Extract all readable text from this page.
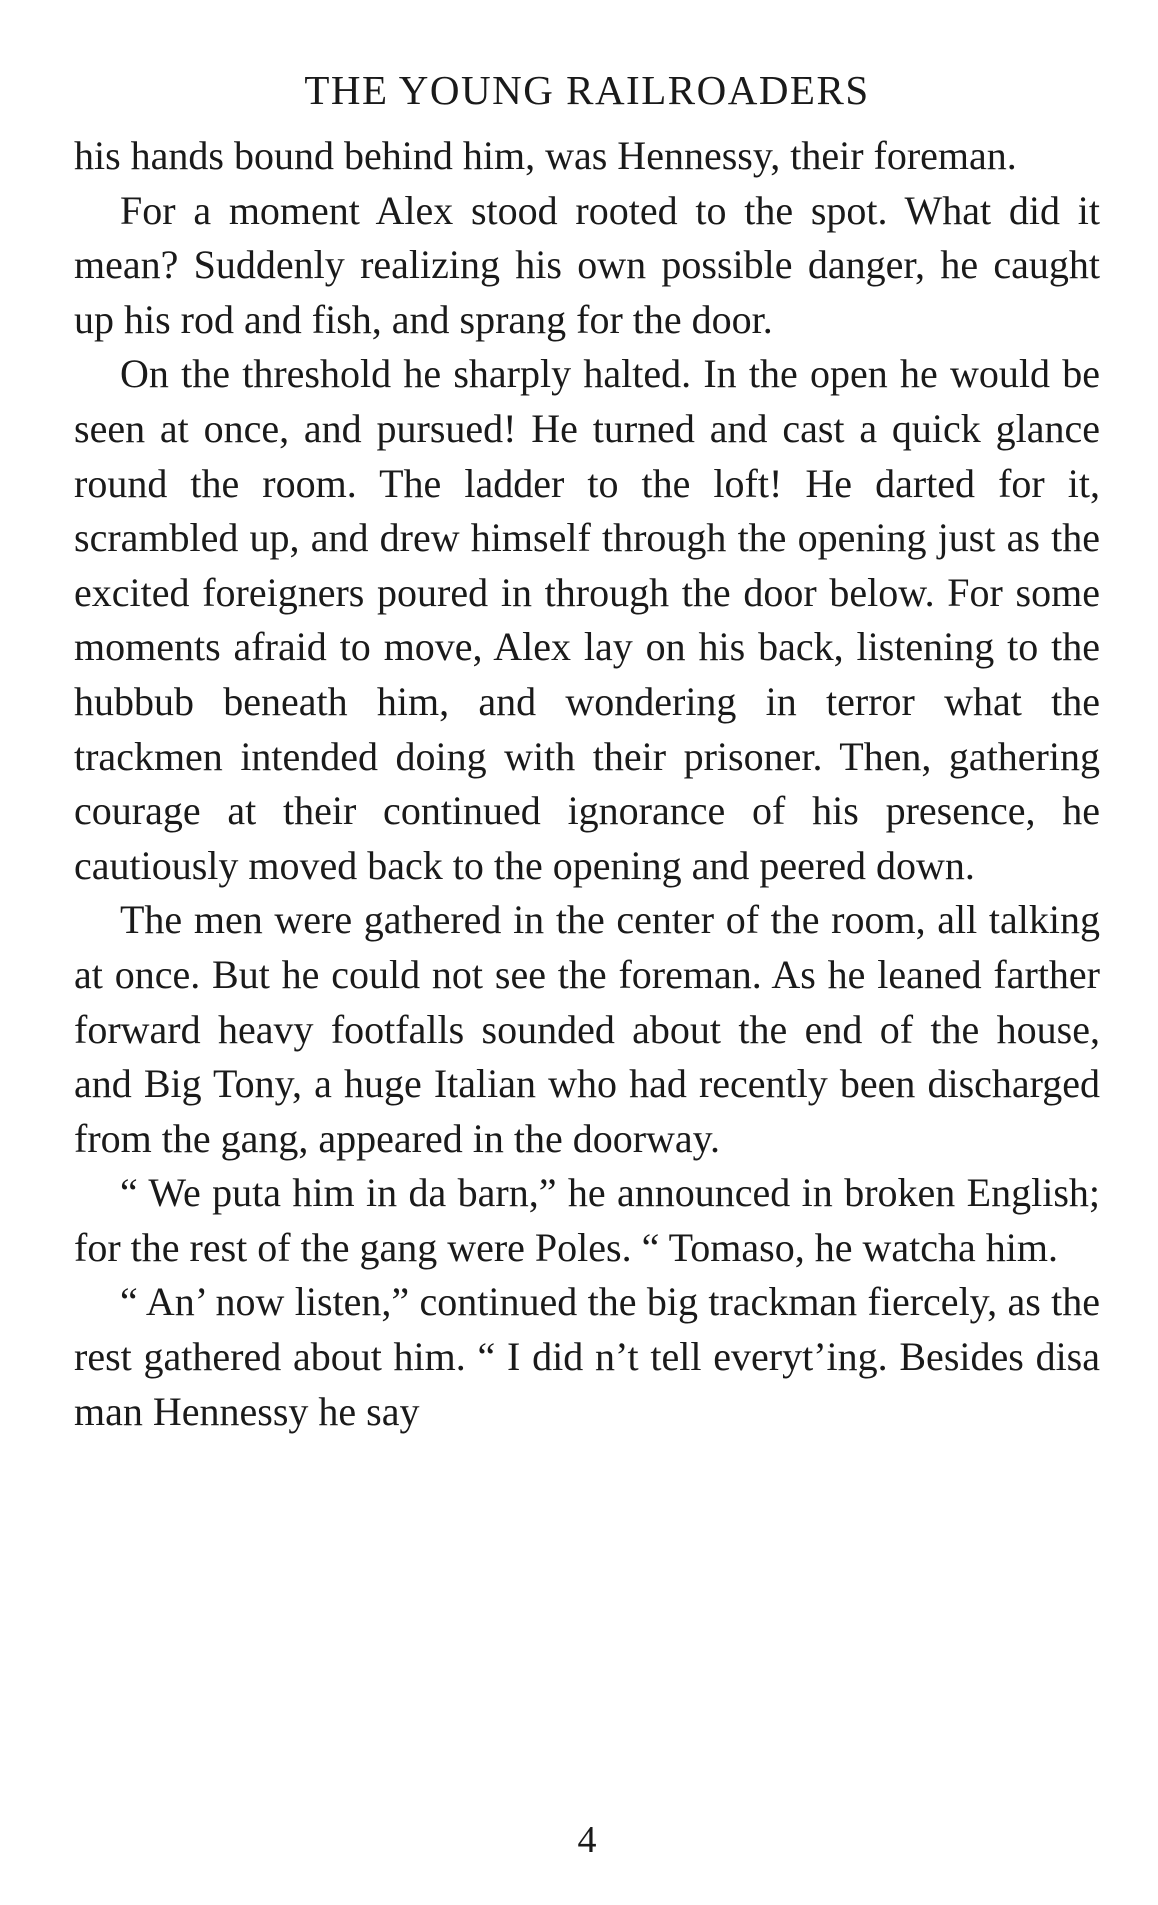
THE YOUNG RAILROADERS

his hands bound behind him, was Hennessy, their foreman.

For a moment Alex stood rooted to the spot. What did it mean? Suddenly realizing his own possible danger, he caught up his rod and fish, and sprang for the door.

On the threshold he sharply halted. In the open he would be seen at once, and pursued! He turned and cast a quick glance round the room. The ladder to the loft! He darted for it, scrambled up, and drew himself through the opening just as the excited foreigners poured in through the door below. For some moments afraid to move, Alex lay on his back, listening to the hubbub beneath him, and wondering in terror what the trackmen intended doing with their prisoner. Then, gathering courage at their continued ignorance of his presence, he cautiously moved back to the opening and peered down.

The men were gathered in the center of the room, all talking at once. But he could not see the foreman. As he leaned farther forward heavy footfalls sounded about the end of the house, and Big Tony, a huge Italian who had recently been discharged from the gang, appeared in the doorway.

“ We puta him in da barn,” he announced in broken English; for the rest of the gang were Poles. “ Tomaso, he watcha him.

“ An’ now listen,” continued the big trackman fiercely, as the rest gathered about him. “ I did n’t tell everyt’ing. Besides disa man Hennessy he say

4
